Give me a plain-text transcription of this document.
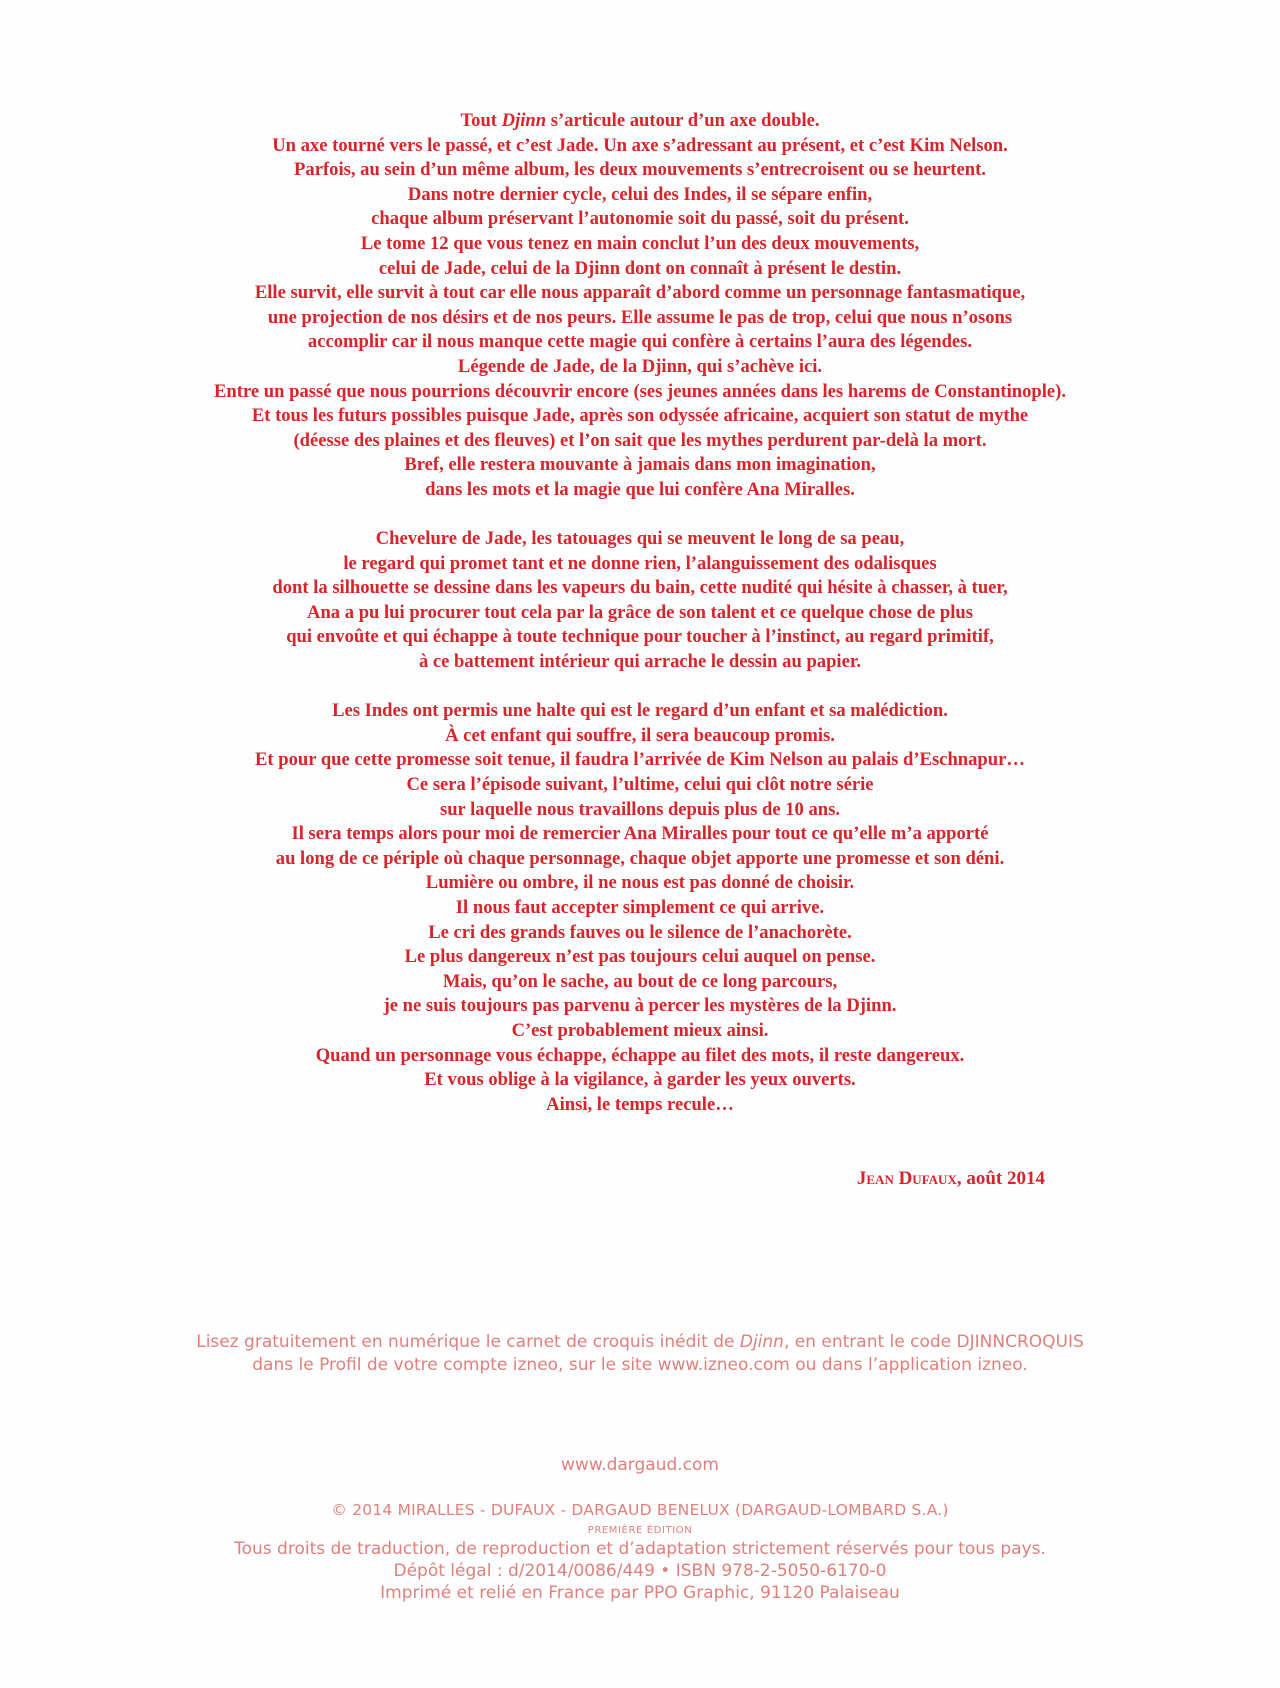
Tout Djinn s’articule autour d’un axe double.
Un axe tourné vers le passé, et c’est Jade. Un axe s’adressant au présent, et c’est Kim Nelson.
Parfois, au sein d’un même album, les deux mouvements s’entrecroisent ou se heurtent.
Dans notre dernier cycle, celui des Indes, il se sépare enfin,
chaque album préservant l’autonomie soit du passé, soit du présent.
Le tome 12 que vous tenez en main conclut l’un des deux mouvements,
celui de Jade, celui de la Djinn dont on connaît à présent le destin.
Elle survit, elle survit à tout car elle nous apparaît d’abord comme un personnage fantasmatique,
une projection de nos désirs et de nos peurs. Elle assume le pas de trop, celui que nous n’osons
accomplir car il nous manque cette magie qui confère à certains l’aura des légendes.
Légende de Jade, de la Djinn, qui s’achève ici.
Entre un passé que nous pourrions découvrir encore (ses jeunes années dans les harems de Constantinople).
Et tous les futurs possibles puisque Jade, après son odyssée africaine, acquiert son statut de mythe
(déesse des plaines et des fleuves) et l’on sait que les mythes perdurent par-delà la mort.
Bref, elle restera mouvante à jamais dans mon imagination,
dans les mots et la magie que lui confère Ana Miralles.
Chevelure de Jade, les tatouages qui se meuvent le long de sa peau,
le regard qui promet tant et ne donne rien, l’alanguissement des odalisques
dont la silhouette se dessine dans les vapeurs du bain, cette nudité qui hésite à chasser, à tuer,
Ana a pu lui procurer tout cela par la grâce de son talent et ce quelque chose de plus
qui envoûte et qui échappe à toute technique pour toucher à l’instinct, au regard primitif,
à ce battement intérieur qui arrache le dessin au papier.
Les Indes ont permis une halte qui est le regard d’un enfant et sa malédiction.
À cet enfant qui souffre, il sera beaucoup promis.
Et pour que cette promesse soit tenue, il faudra l’arrivée de Kim Nelson au palais d’Eschnapur…
Ce sera l’épisode suivant, l’ultime, celui qui clôt notre série
sur laquelle nous travaillons depuis plus de 10 ans.
Il sera temps alors pour moi de remercier Ana Miralles pour tout ce qu’elle m’a apporté
au long de ce périple où chaque personnage, chaque objet apporte une promesse et son déni.
Lumière ou ombre, il ne nous est pas donné de choisir.
Il nous faut accepter simplement ce qui arrive.
Le cri des grands fauves ou le silence de l’anachorète.
Le plus dangereux n’est pas toujours celui auquel on pense.
Mais, qu’on le sache, au bout de ce long parcours,
je ne suis toujours pas parvenu à percer les mystères de la Djinn.
C’est probablement mieux ainsi.
Quand un personnage vous échappe, échappe au filet des mots, il reste dangereux.
Et vous oblige à la vigilance, à garder les yeux ouverts.
Ainsi, le temps recule…
Jean Dufaux, août 2014
Lisez gratuitement en numérique le carnet de croquis inédit de Djinn, en entrant le code DJINNCROQUIS
dans le Profil de votre compte izneo, sur le site www.izneo.com ou dans l’application izneo.
www.dargaud.com
© 2014 MIRALLES - DUFAUX - DARGAUD BENELUX (DARGAUD-LOMBARD S.A.)
PREMIÈRE ÉDITION
Tous droits de traduction, de reproduction et d’adaptation strictement réservés pour tous pays.
Dépôt légal : d/2014/0086/449 • ISBN 978-2-5050-6170-0
Imprimé et relié en France par PPO Graphic, 91120 Palaiseau
